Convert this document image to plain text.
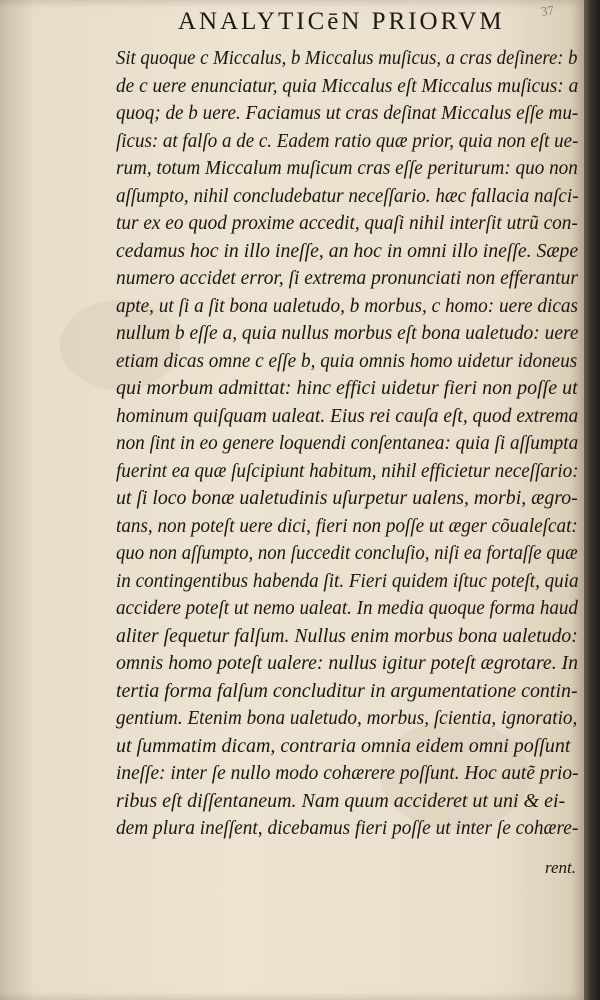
ANALYTICēN PRIORVM	37
Sit quoque c Miccalus, b Miccalus muſicus, a cras deſinere: b
de c uere enunciatur, quia Miccalus eſt Miccalus muſicus: a
quoq; de b uere. Faciamus ut cras deſinat Miccalus eſſe mu-
ſicus: at falſo a de c. Eadem ratio quæ prior, quia non eſt ue-
rum, totum Miccalum muſicum cras eſſe periturum: quo non
aſſumpto, nihil concludebatur neceſſario. hæc fallacia naſci-
tur ex eo quod proxime accedit, quaſi nihil interſit utrũ con-
cedamus hoc in illo ineſſe, an hoc in omni illo ineſſe. Sæpe
numero accidet error, ſi extrema pronunciati non efferantur
apte, ut ſi a ſit bona ualetudo, b morbus, c homo: uere dicas
nullum b eſſe a, quia nullus morbus eſt bona ualetudo: uere
etiam dicas omne c eſſe b, quia omnis homo uidetur idoneus
qui morbum admittat: hinc effici uidetur fieri non poſſe ut
hominum quiſquam ualeat. Eius rei cauſa eſt, quod extrema
non ſint in eo genere loquendi conſentanea: quia ſi aſſumpta
fuerint ea quæ ſuſcipiunt habitum, nihil efficietur neceſſario:
ut ſi loco bonæ ualetudinis uſurpetur ualens, morbi, ægro-
tans, non poteſt uere dici, fieri non poſſe ut æger cõualeſcat:
quo non aſſumpto, non ſuccedit concluſio, niſi ea fortaſſe quæ
in contingentibus habenda ſit. Fieri quidem iſtuc poteſt, quia
accidere poteſt ut nemo ualeat. In media quoque forma haud
aliter ſequetur falſum. Nullus enim morbus bona ualetudo:
omnis homo poteſt ualere: nullus igitur poteſt ægrotare. In
tertia forma falſum concluditur in argumentatione contin-
gentium. Etenim bona ualetudo, morbus, ſcientia, ignoratio,
ut ſummatim dicam, contraria omnia eidem omni poſſunt
ineſſe: inter ſe nullo modo cohærere poſſunt. Hoc autẽ prio-
ribus eſt diſſentaneum. Nam quum accideret ut uni & ei-
dem plura ineſſent, dicebamus fieri poſſe ut inter ſe cohære-
rent.
